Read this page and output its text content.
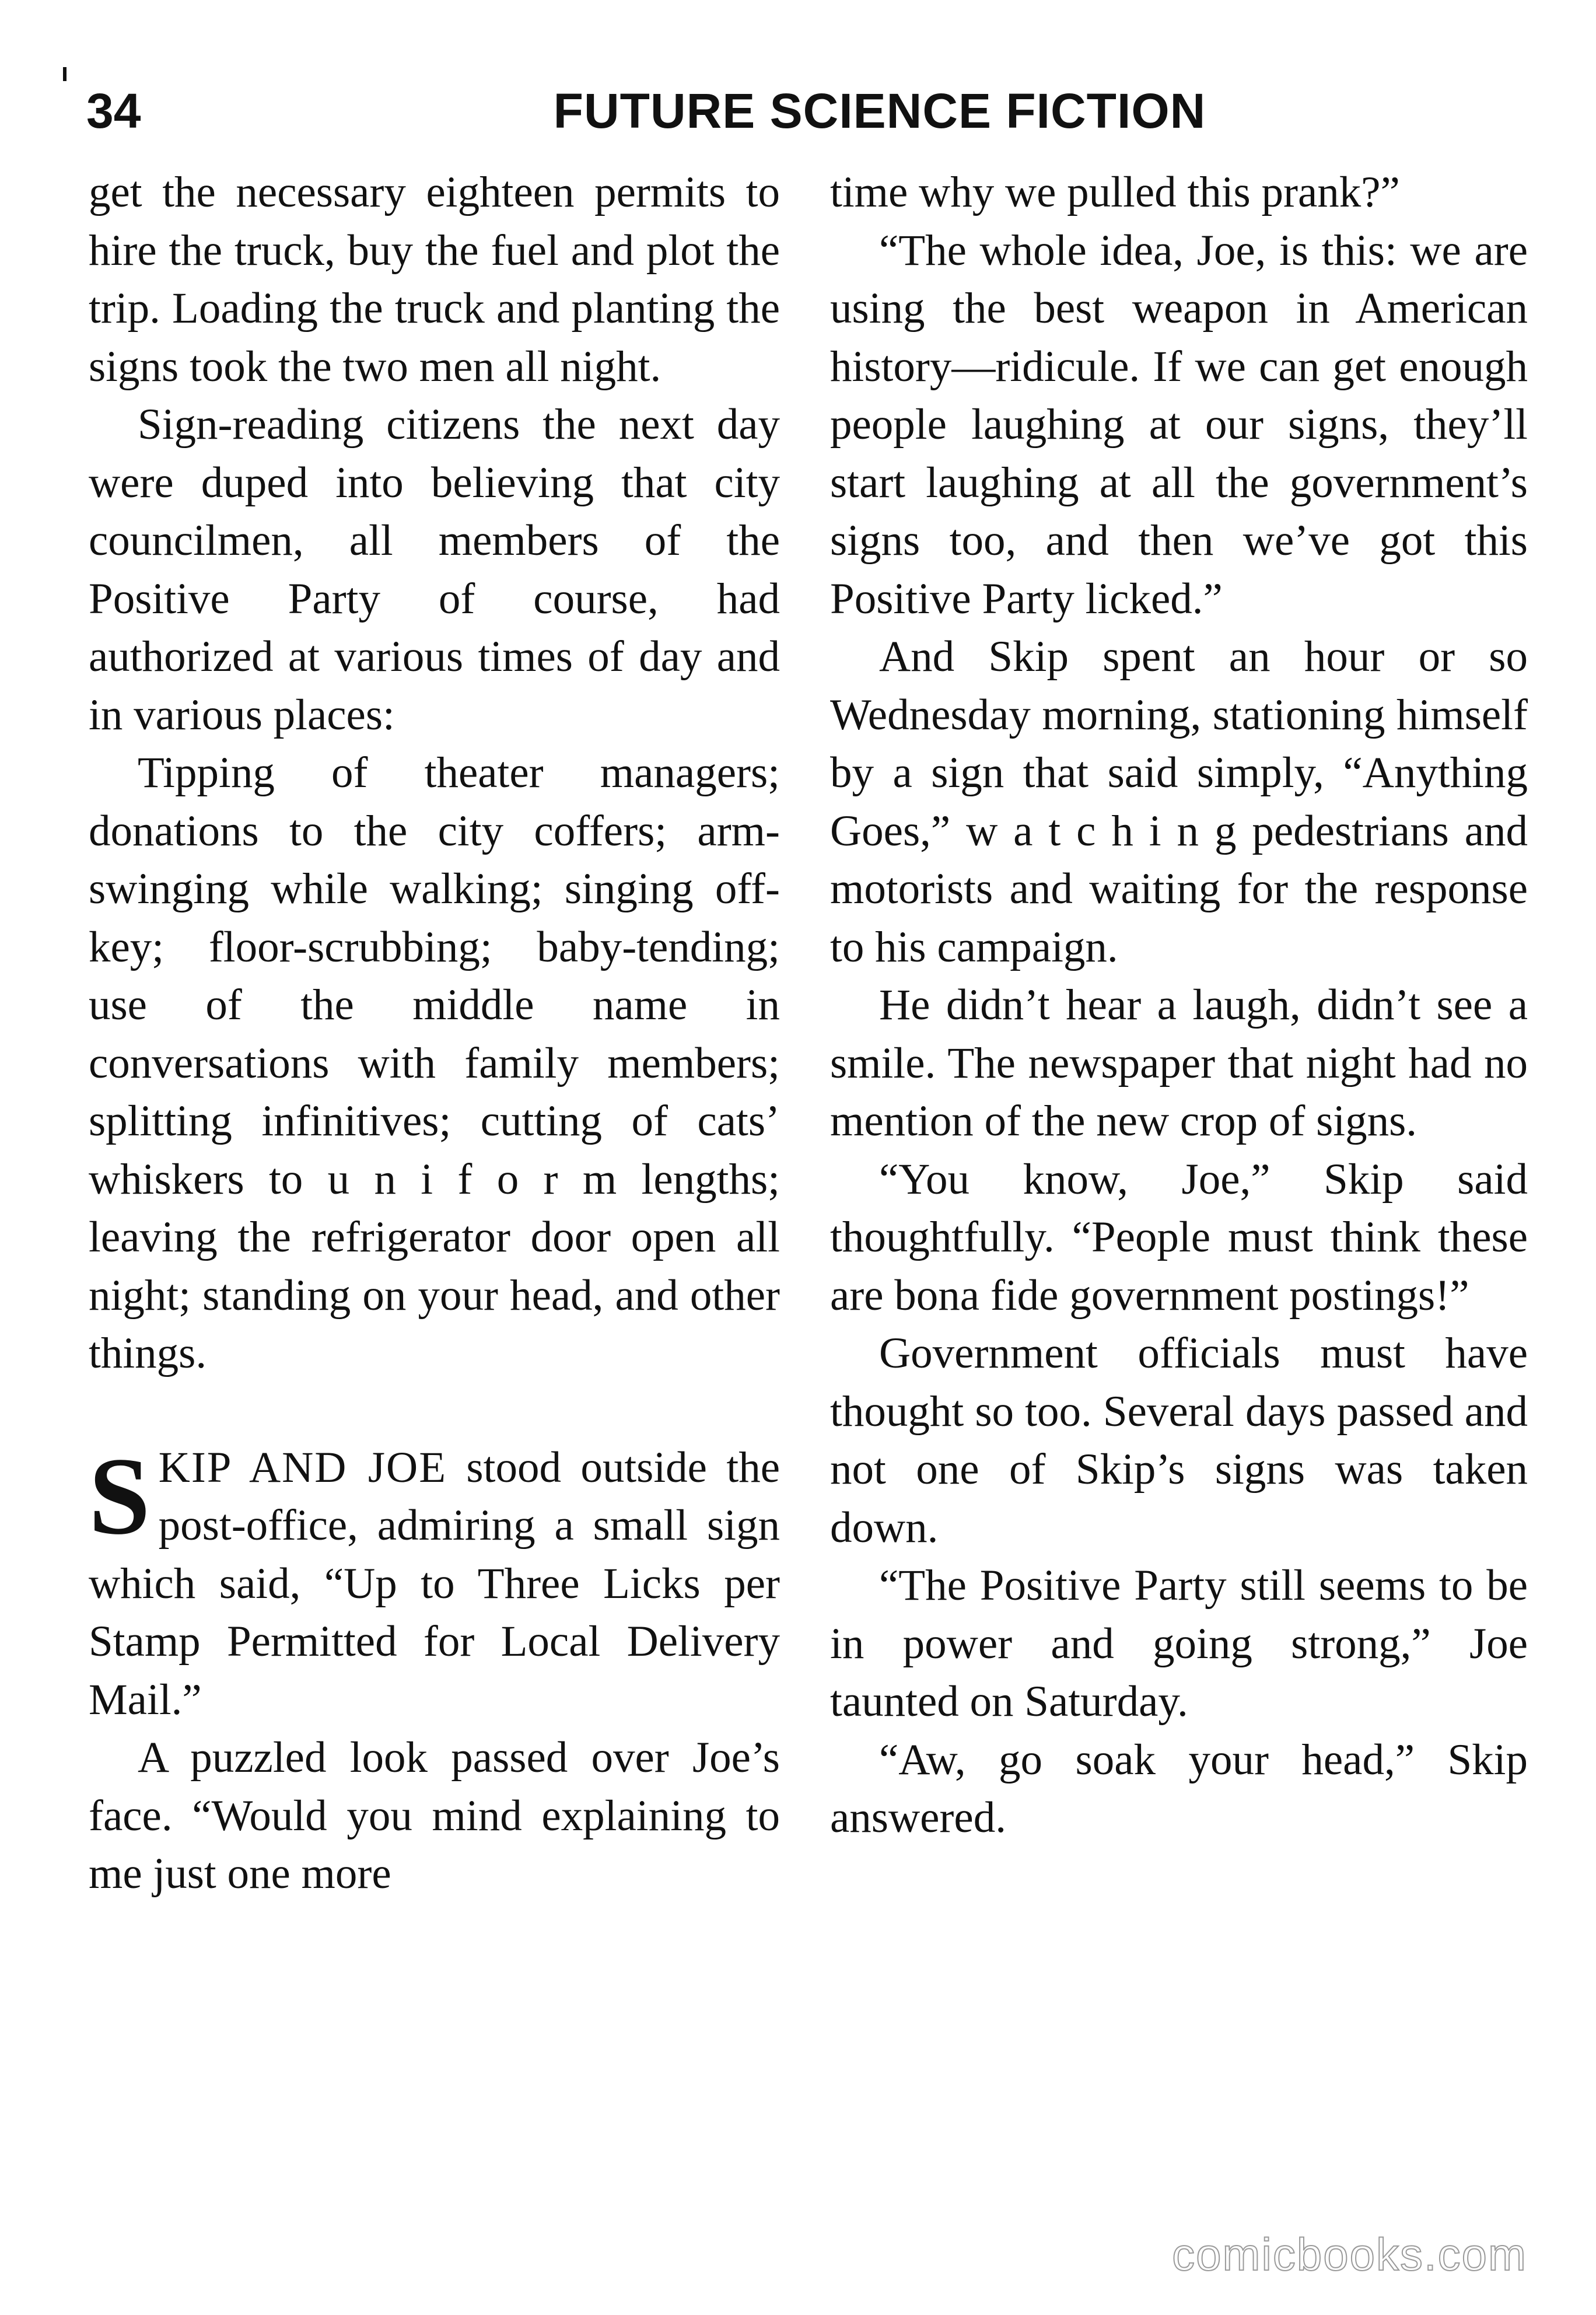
34	FUTURE SCIENCE FICTION

get the necessary eighteen permits to hire the truck, buy the fuel and plot the trip. Loading the truck and planting the signs took the two men all night.

Sign-reading citizens the next day were duped into believing that city councilmen, all members of the Positive Party of course, had authorized at various times of day and in various places:

Tipping of theater managers; donations to the city coffers; arm-swinging while walking; singing off-key; floor-scrubbing; baby-tending; use of the middle name in conversations with family members; splitting infinitives; cutting of cats’ whiskers to u n i f o r m lengths; leaving the refrigerator door open all night; standing on your head, and other things.

SKIP AND JOE stood outside the post-office, admiring a small sign which said, “Up to Three Licks per Stamp Permitted for Local Delivery Mail.”

A puzzled look passed over Joe’s face. “Would you mind explaining to me just one more

time why we pulled this prank?”

“The whole idea, Joe, is this: we are using the best weapon in American history—ridicule. If we can get enough people laughing at our signs, they’ll start laughing at all the government’s signs too, and then we’ve got this Positive Party licked.”

And Skip spent an hour or so Wednesday morning, stationing himself by a sign that said simply, “Anything Goes,” w a t c h i n g pedestrians and motorists and waiting for the response to his campaign.

He didn’t hear a laugh, didn’t see a smile. The newspaper that night had no mention of the new crop of signs.

“You know, Joe,” Skip said thoughtfully. “People must think these are bona fide government postings!”

Government officials must have thought so too. Several days passed and not one of Skip’s signs was taken down.

“The Positive Party still seems to be in power and going strong,” Joe taunted on Saturday.

“Aw, go soak your head,” Skip answered.

comicbooks.com
